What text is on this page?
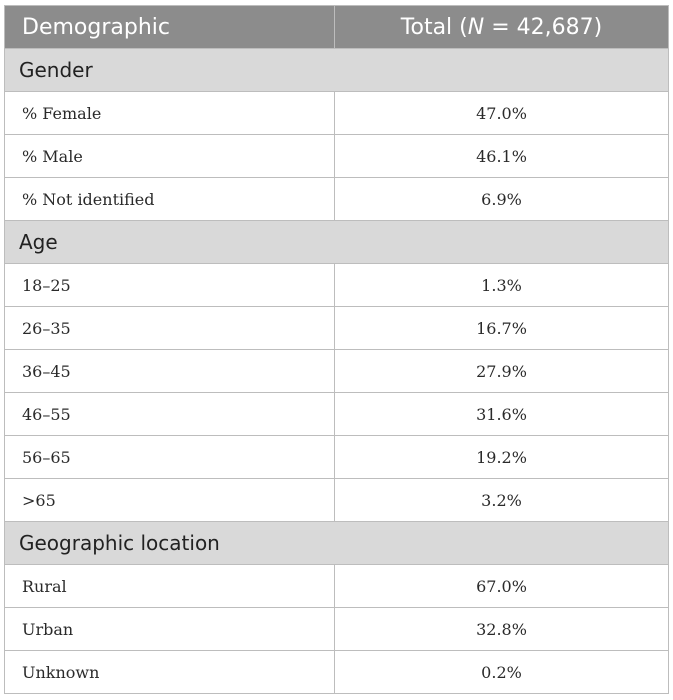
Demographic	Total (N = 42,687)
Gender	
% Female	47.0%
% Male	46.1%
% Not identified	6.9%
Age	
18–25	1.3%
26–35	16.7%
36–45	27.9%
46–55	31.6%
56–65	19.2%
>65	3.2%
Geographic location	
Rural	67.0%
Urban	32.8%
Unknown	0.2%
